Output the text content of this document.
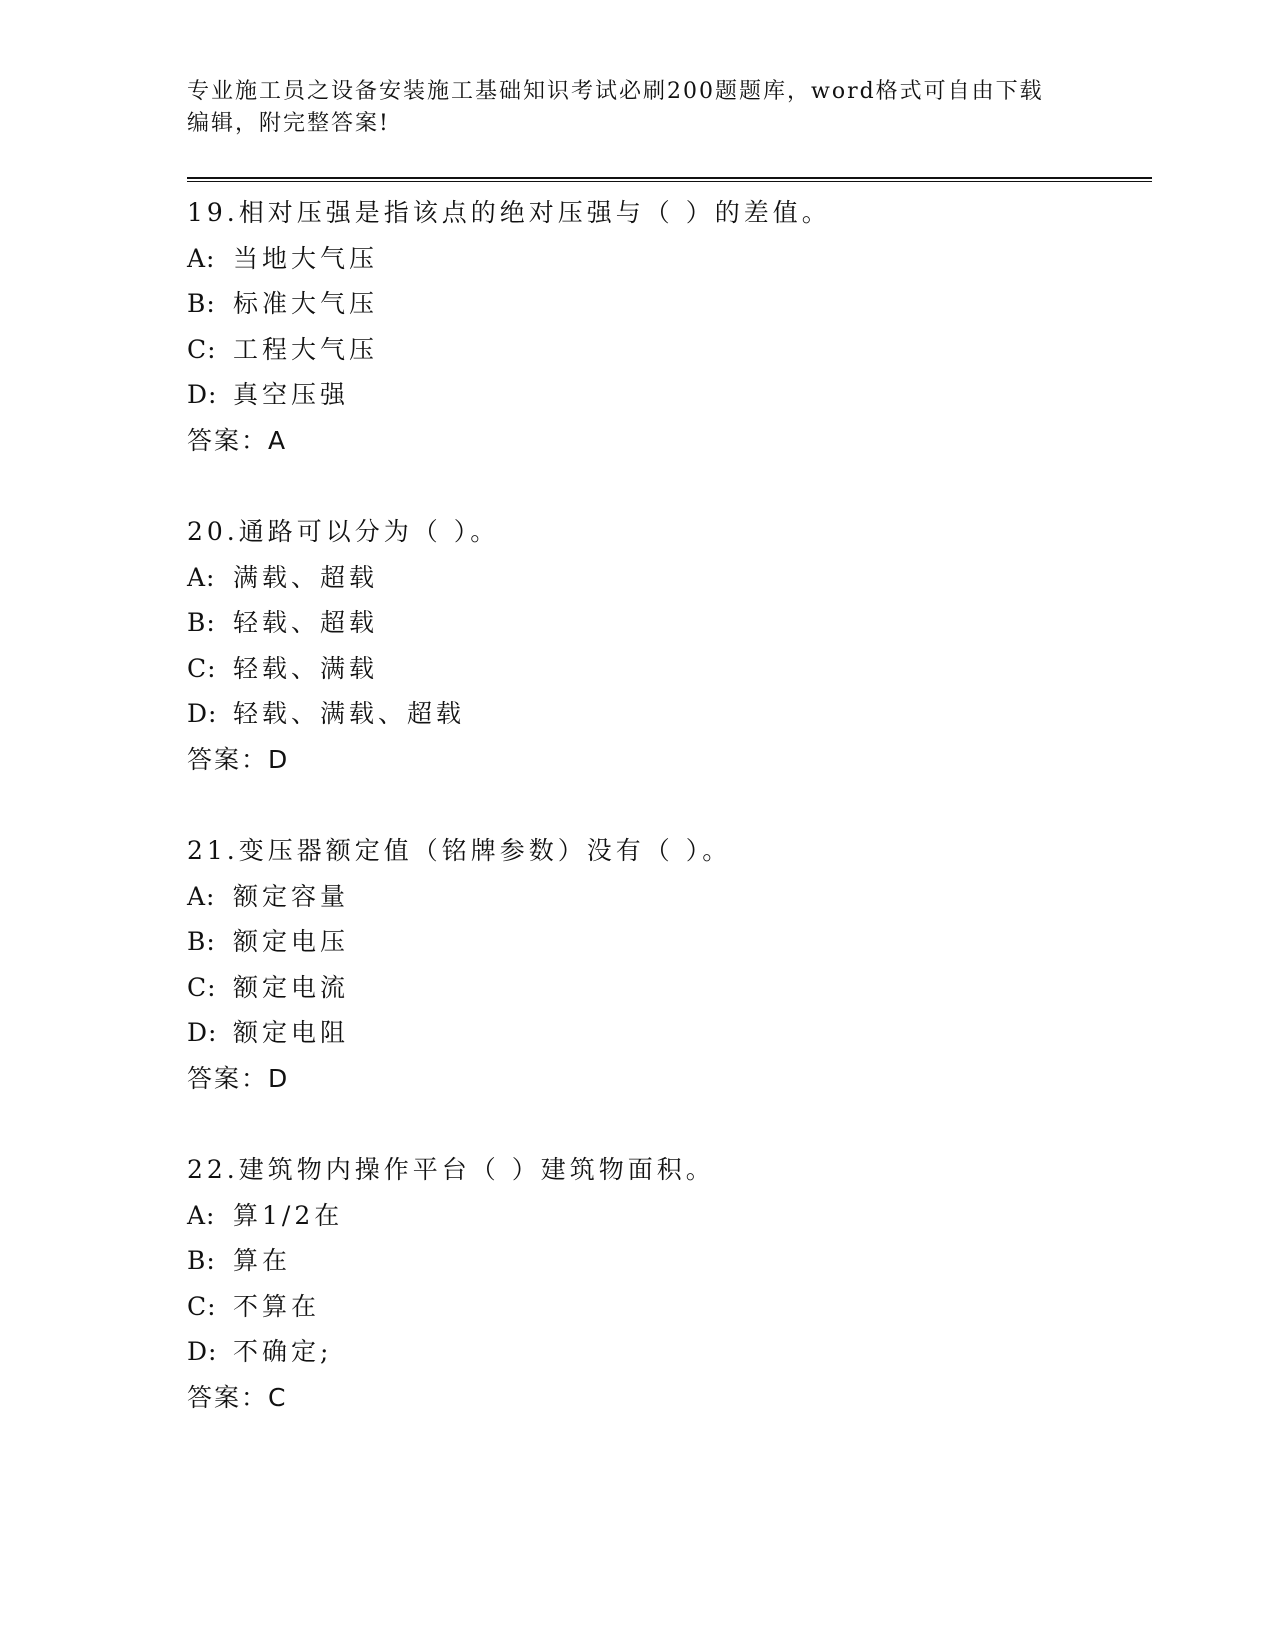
专业施工员之设备安装施工基础知识考试必刷200题题库，word格式可自由下载
编辑，附完整答案!
19.相对压强是指该点的绝对压强与（ ）的差值。
A: 当地大气压
B: 标准大气压
C: 工程大气压
D: 真空压强
答案：A
20.通路可以分为（ ）。
A: 满载、超载
B: 轻载、超载
C: 轻载、满载
D: 轻载、满载、超载
答案：D
21.变压器额定值（铭牌参数）没有（ ）。
A: 额定容量
B: 额定电压
C: 额定电流
D: 额定电阻
答案：D
22.建筑物内操作平台（ ）建筑物面积。
A: 算1/2在
B: 算在
C: 不算在
D: 不确定;
答案：C
